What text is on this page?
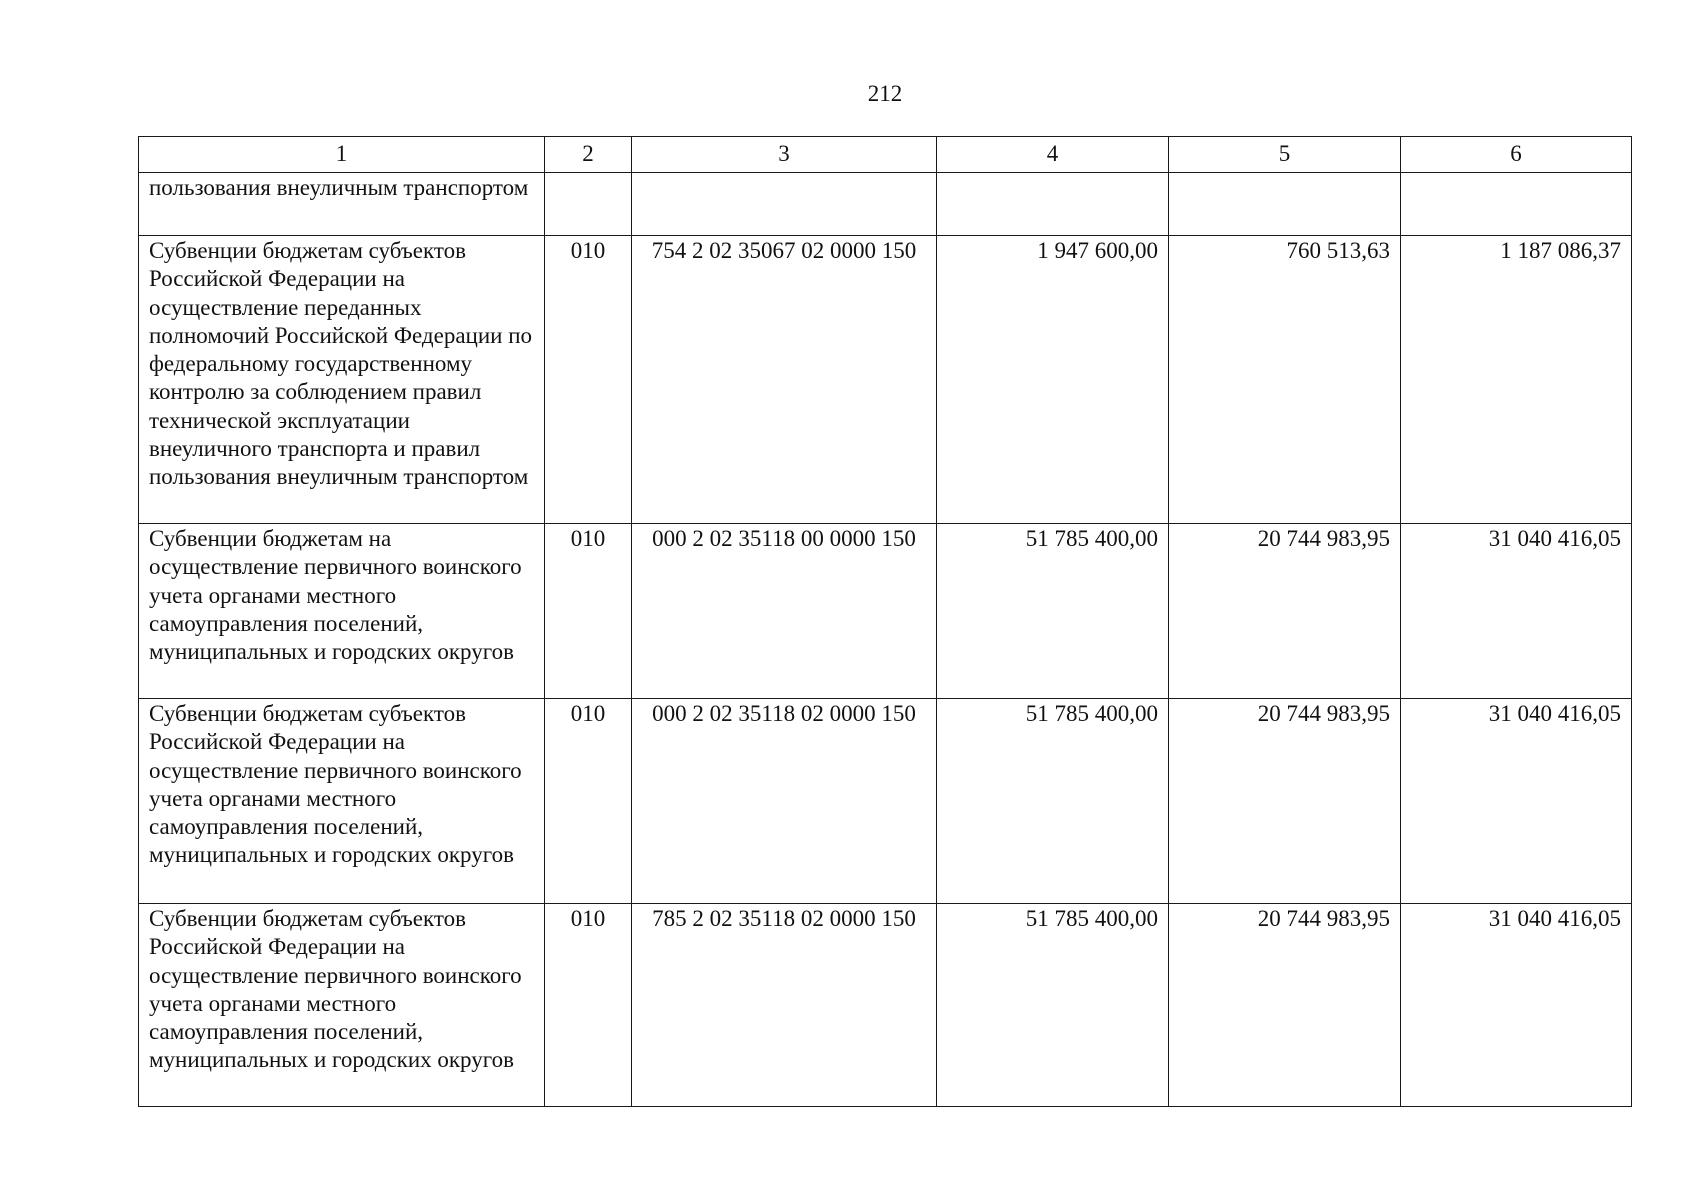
212
1	2	3	4	5	6
пользования внеуличным транспортом					
Субвенции бюджетам субъектов Российской Федерации на осуществление переданных полномочий Российской Федерации по федеральному государственному контролю за соблюдением правил технической эксплуатации внеуличного транспорта и правил пользования внеуличным транспортом	010	754 2 02 35067 02 0000 150	1 947 600,00	760 513,63	1 187 086,37
Субвенции бюджетам на осуществление первичного воинского учета органами местного самоуправления поселений, муниципальных и городских округов	010	000 2 02 35118 00 0000 150	51 785 400,00	20 744 983,95	31 040 416,05
Субвенции бюджетам субъектов Российской Федерации на осуществление первичного воинского учета органами местного самоуправления поселений, муниципальных и городских округов	010	000 2 02 35118 02 0000 150	51 785 400,00	20 744 983,95	31 040 416,05
Субвенции бюджетам субъектов Российской Федерации на осуществление первичного воинского учета органами местного самоуправления поселений, муниципальных и городских округов	010	785 2 02 35118 02 0000 150	51 785 400,00	20 744 983,95	31 040 416,05
